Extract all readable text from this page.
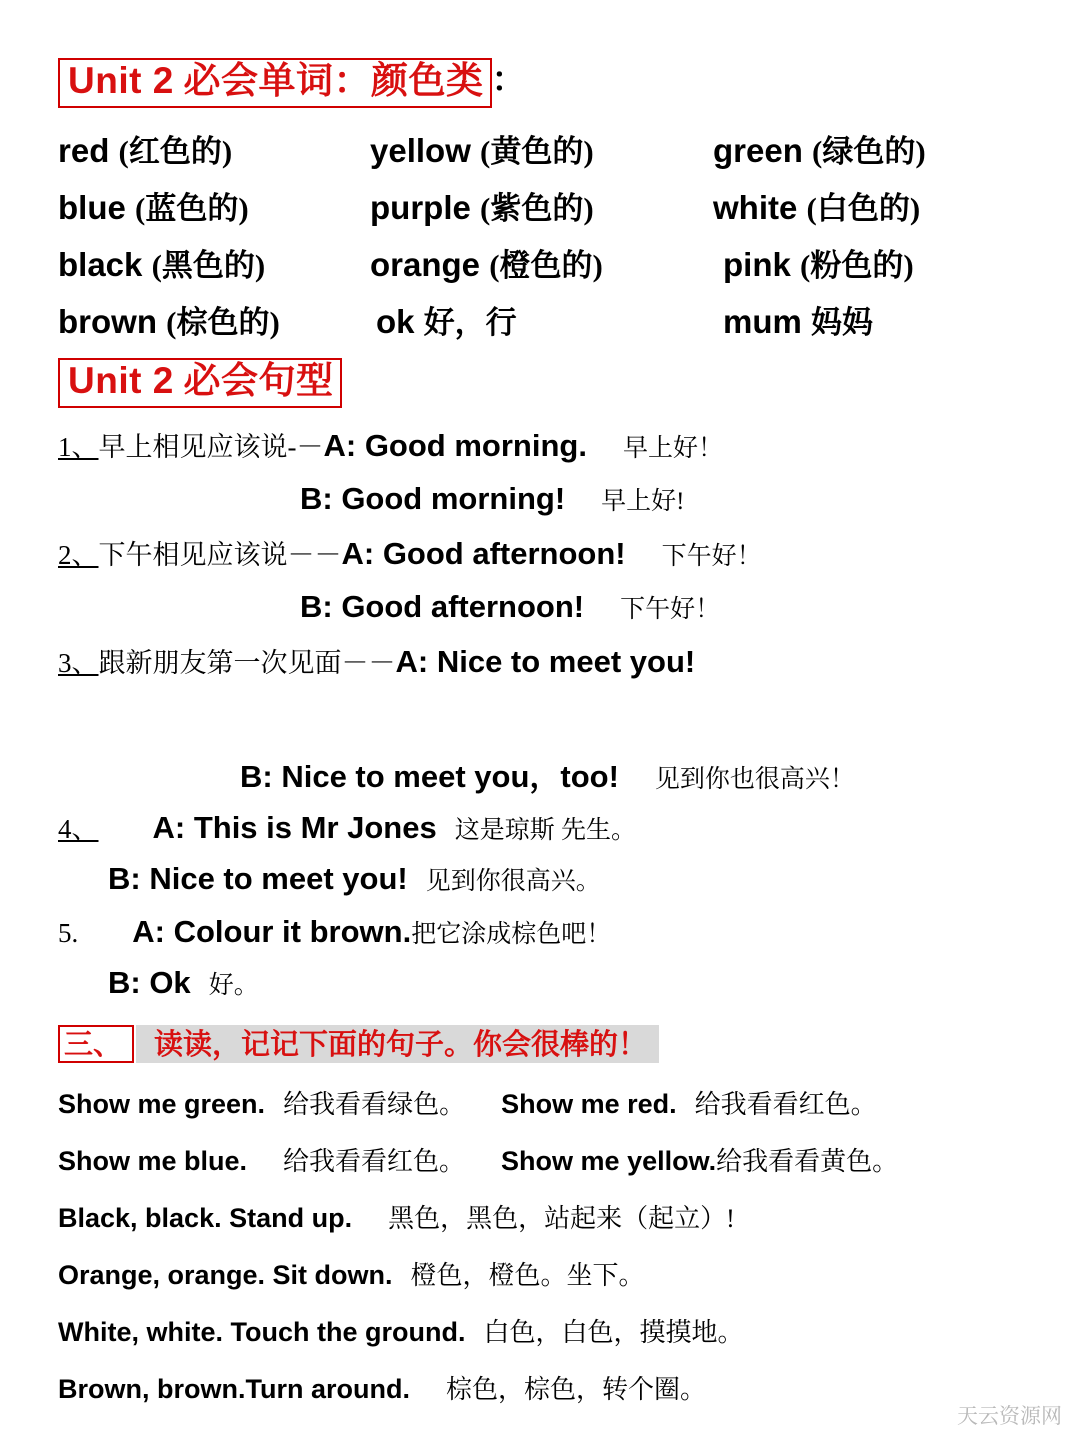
Unit 2 必会单词：颜色类 ：
red (红色的)	yellow (黄色的)	green (绿色的)
blue (蓝色的)	purple (紫色的)	white (白色的)
black (黑色的)	orange (橙色的)	pink (粉色的)
brown (棕色的)	ok 好，行	mum 妈妈
Unit 2 必会句型
1、早上相见应该说-－A: Good morning. 早上好！
B: Good morning! 早上好!
2、下午相见应该说－－A: Good afternoon! 下午好！
B: Good afternoon! 下午好！
3、跟新朋友第一次见面－－A: Nice to meet you!
B: Nice to meet you，too! 见到你也很高兴！
4、 A: This is Mr Jones 这是琼斯 先生。
B: Nice to meet you! 见到你很高兴。
5. A: Colour it brown.把它涂成棕色吧！
B: Ok 好。
三、	读读，记记下面的句子。你会很棒的！
Show me green. 给我看看绿色。 Show me red. 给我看看红色。
Show me blue. 给我看看红色。 Show me yellow.给我看看黄色。
Black, black. Stand up. 黑色，黑色，站起来（起立）!
Orange, orange. Sit down. 橙色，橙色。坐下。
White, white. Touch the ground. 白色，白色，摸摸地。
Brown, brown.Turn around. 棕色，棕色，转个圈。
天云资源网
